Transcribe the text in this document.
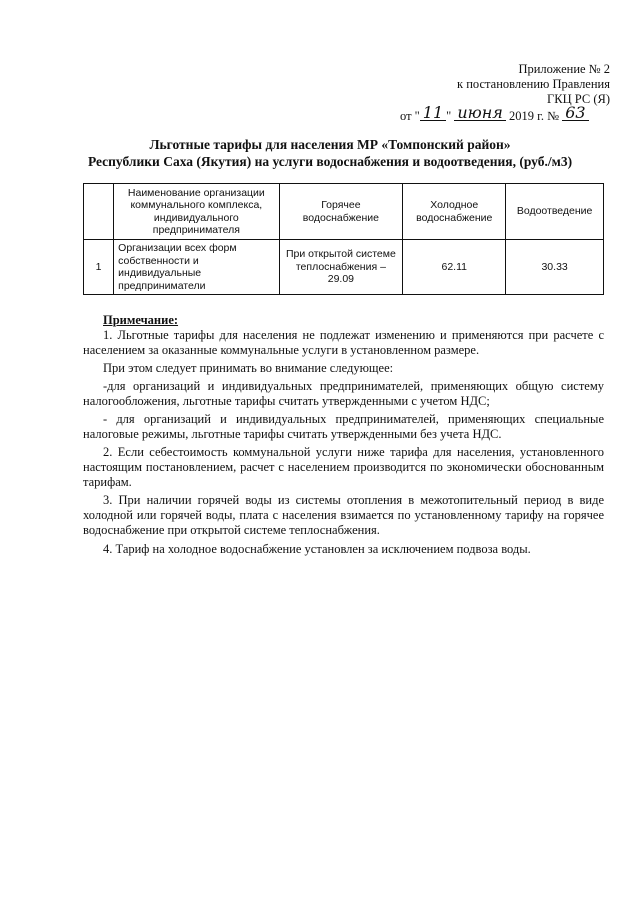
Приложение № 2
к постановлению Правления
ГКЦ РС (Я)
от " 11 " июня 2019 г. № 63
Льготные тарифы для населения МР «Томпонский район»
Республики Саха (Якутия) на услуги водоснабжения и водоотведения, (руб./м3)
	Наименование организации коммунального комплекса, индивидуального предпринимателя	Горячее водоснабжение	Холодное водоснабжение	Водоотведение
1	Организации всех форм собственности и индивидуальные предприниматели	При открытой системе теплоснабжения – 29.09	62.11	30.33
Примечание:

1. Льготные тарифы для населения не подлежат изменению и применяются при расчете с населением за оказанные коммунальные услуги в установленном размере.

При этом следует принимать во внимание следующее:

-для организаций и индивидуальных предпринимателей, применяющих общую систему налогообложения, льготные тарифы считать утвержденными с учетом НДС;

- для организаций и индивидуальных предпринимателей, применяющих специальные налоговые режимы, льготные тарифы считать утвержденными без учета НДС.

2. Если себестоимость коммунальной услуги ниже тарифа для населения, установленного настоящим постановлением, расчет с населением производится по экономически обоснованным тарифам.

3. При наличии горячей воды из системы отопления в межотопительный период в виде холодной или горячей воды, плата с населения взимается по установленному тарифу на горячее водоснабжение при открытой системе теплоснабжения.

4. Тариф на холодное водоснабжение установлен за исключением подвоза воды.
